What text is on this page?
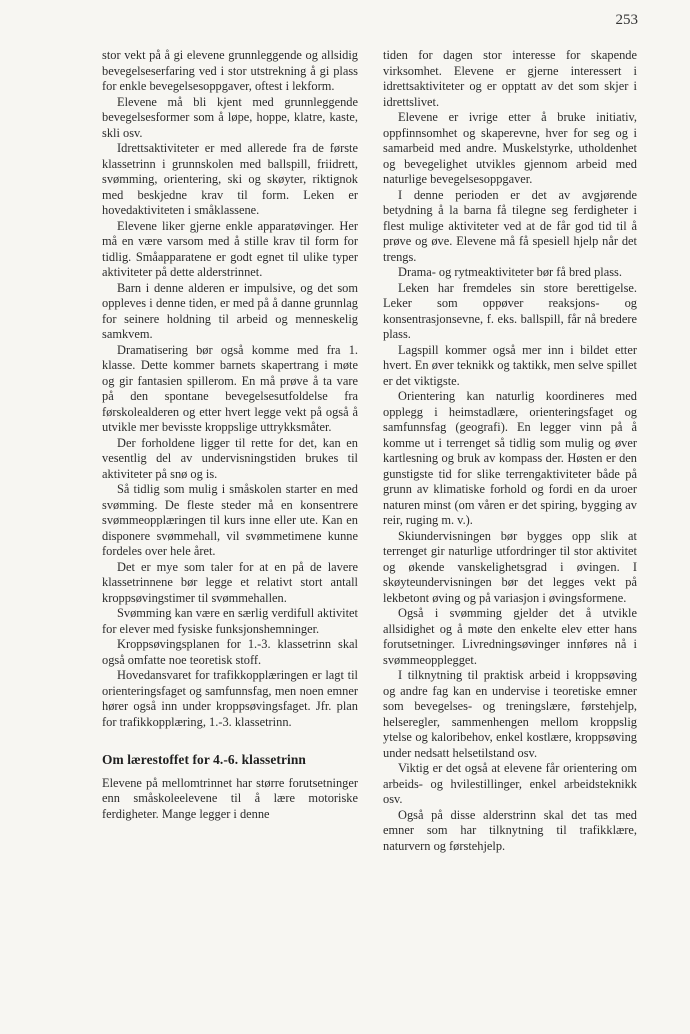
253

stor vekt på å gi elevene grunnleggende og allsidig bevegelseserfaring ved i stor utstrekning å gi plass for enkle bevegelsesoppgaver, oftest i lekform.

Elevene må bli kjent med grunnleggende bevegelsesformer som å løpe, hoppe, klatre, kaste, skli osv.

Idrettsaktiviteter er med allerede fra de første klassetrinn i grunnskolen med ballspill, friidrett, svømming, orientering, ski og skøyter, riktignok med beskjedne krav til form. Leken er hovedaktiviteten i småklassene.

Elevene liker gjerne enkle apparatøvinger. Her må en være varsom med å stille krav til form for tidlig. Småapparatene er godt egnet til ulike typer aktiviteter på dette alderstrinnet.

Barn i denne alderen er impulsive, og det som oppleves i denne tiden, er med på å danne grunnlag for seinere holdning til arbeid og menneskelig samkvem.

Dramatisering bør også komme med fra 1. klasse. Dette kommer barnets skapertrang i møte og gir fantasien spillerom. En må prøve å ta vare på den spontane bevegelsesutfoldelse fra førskolealderen og etter hvert legge vekt på også å utvikle mer bevisste kroppslige uttrykksmåter.

Der forholdene ligger til rette for det, kan en vesentlig del av undervisningstiden brukes til aktiviteter på snø og is.

Så tidlig som mulig i småskolen starter en med svømming. De fleste steder må en konsentrere svømmeopplæringen til kurs inne eller ute. Kan en disponere svømmehall, vil svømmetimene kunne fordeles over hele året.

Det er mye som taler for at en på de lavere klassetrinnene bør legge et relativt stort antall kroppsøvingstimer til svømmehallen.

Svømming kan være en særlig verdifull aktivitet for elever med fysiske funksjonshemninger.

Kroppsøvingsplanen for 1.-3. klassetrinn skal også omfatte noe teoretisk stoff.

Hovedansvaret for trafikkopplæringen er lagt til orienteringsfaget og samfunnsfag, men noen emner hører også inn under kroppsøvingsfaget. Jfr. plan for trafikkopplæring, 1.-3. klassetrinn.

Om lærestoffet for 4.-6. klassetrinn

Elevene på mellomtrinnet har større forutsetninger enn småskoleelevene til å lære motoriske ferdigheter. Mange legger i denne

tiden for dagen stor interesse for skapende virksomhet. Elevene er gjerne interessert i idrettsaktiviteter og er opptatt av det som skjer i idrettslivet.

Elevene er ivrige etter å bruke initiativ, oppfinnsomhet og skaperevne, hver for seg og i samarbeid med andre. Muskelstyrke, utholdenhet og bevegelighet utvikles gjennom arbeid med naturlige bevegelsesoppgaver.

I denne perioden er det av avgjørende betydning å la barna få tilegne seg ferdigheter i flest mulige aktiviteter ved at de får god tid til å prøve og øve. Elevene må få spesiell hjelp når det trengs.

Drama- og rytmeaktiviteter bør få bred plass.

Leken har fremdeles sin store berettigelse. Leker som oppøver reaksjons- og konsentrasjonsevne, f. eks. ballspill, får nå bredere plass.

Lagspill kommer også mer inn i bildet etter hvert. En øver teknikk og taktikk, men selve spillet er det viktigste.

Orientering kan naturlig koordineres med opplegg i heimstadlære, orienteringsfaget og samfunnsfag (geografi). En legger vinn på å komme ut i terrenget så tidlig som mulig og øver kartlesning og bruk av kompass der. Høsten er den gunstigste tid for slike terrengaktiviteter både på grunn av klimatiske forhold og fordi en da uroer naturen minst (om våren er det spiring, bygging av reir, ruging m. v.).

Skiundervisningen bør bygges opp slik at terrenget gir naturlige utfordringer til stor aktivitet og økende vanskelighetsgrad i øvingen. I skøyteundervisningen bør det legges vekt på lekbetont øving og på variasjon i øvingsformene.

Også i svømming gjelder det å utvikle allsidighet og å møte den enkelte elev etter hans forutsetninger. Livredningsøvinger innføres nå i svømmeopplegget.

I tilknytning til praktisk arbeid i kroppsøving og andre fag kan en undervise i teoretiske emner som bevegelses- og treningslære, førstehjelp, helseregler, sammenhengen mellom kroppslig ytelse og kaloribehov, enkel kostlære, kroppsøving under nedsatt helsetilstand osv.

Viktig er det også at elevene får orientering om arbeids- og hvilestillinger, enkel arbeidsteknikk osv.

Også på disse alderstrinn skal det tas med emner som har tilknytning til trafikklære, naturvern og førstehjelp.
